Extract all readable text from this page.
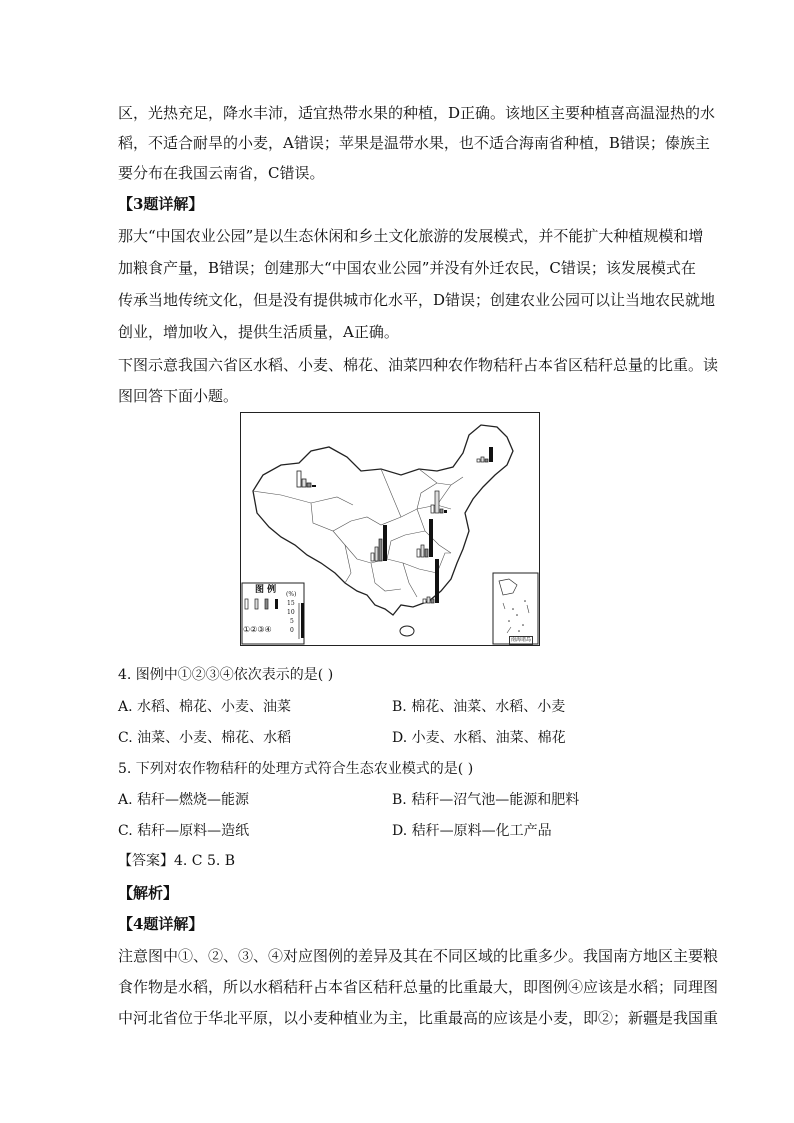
区，光热充足，降水丰沛，适宜热带水果的种植，D正确。该地区主要种植喜高温湿热的水
稻，不适合耐旱的小麦，A错误；苹果是温带水果，也不适合海南省种植，B错误；傣族主
要分布在我国云南省，C错误。
【3题详解】
那大“中国农业公园”是以生态休闲和乡土文化旅游的发展模式，并不能扩大种植规模和增
加粮食产量，B错误；创建那大“中国农业公园”并没有外迁农民，C错误；该发展模式在
传承当地传统文化，但是没有提供城市化水平，D错误；创建农业公园可以让当地农民就地
创业，增加收入，提供生活质量，A正确。
下图示意我国六省区水稻、小麦、棉花、油菜四种农作物秸秆占本省区秸秆总量的比重。读
图回答下面小题。
图 例 (%)
15
10
5
0
①②③④
南海诸岛
4. 图例中①②③④依次表示的是( )
A. 水稻、棉花、小麦、油菜	B. 棉花、油菜、水稻、小麦
C. 油菜、小麦、棉花、水稻	D. 小麦、水稻、油菜、棉花
5. 下列对农作物秸秆的处理方式符合生态农业模式的是( )
A. 秸秆—燃烧—能源	B. 秸秆—沼气池—能源和肥料
C. 秸秆—原料—造纸	D. 秸秆—原料—化工产品
【答案】4. C 5. B
【解析】
【4题详解】
注意图中①、②、③、④对应图例的差异及其在不同区域的比重多少。我国南方地区主要粮
食作物是水稻，所以水稻秸秆占本省区秸秆总量的比重最大，即图例④应该是水稻；同理图
中河北省位于华北平原，以小麦种植业为主，比重最高的应该是小麦，即②；新疆是我国重
